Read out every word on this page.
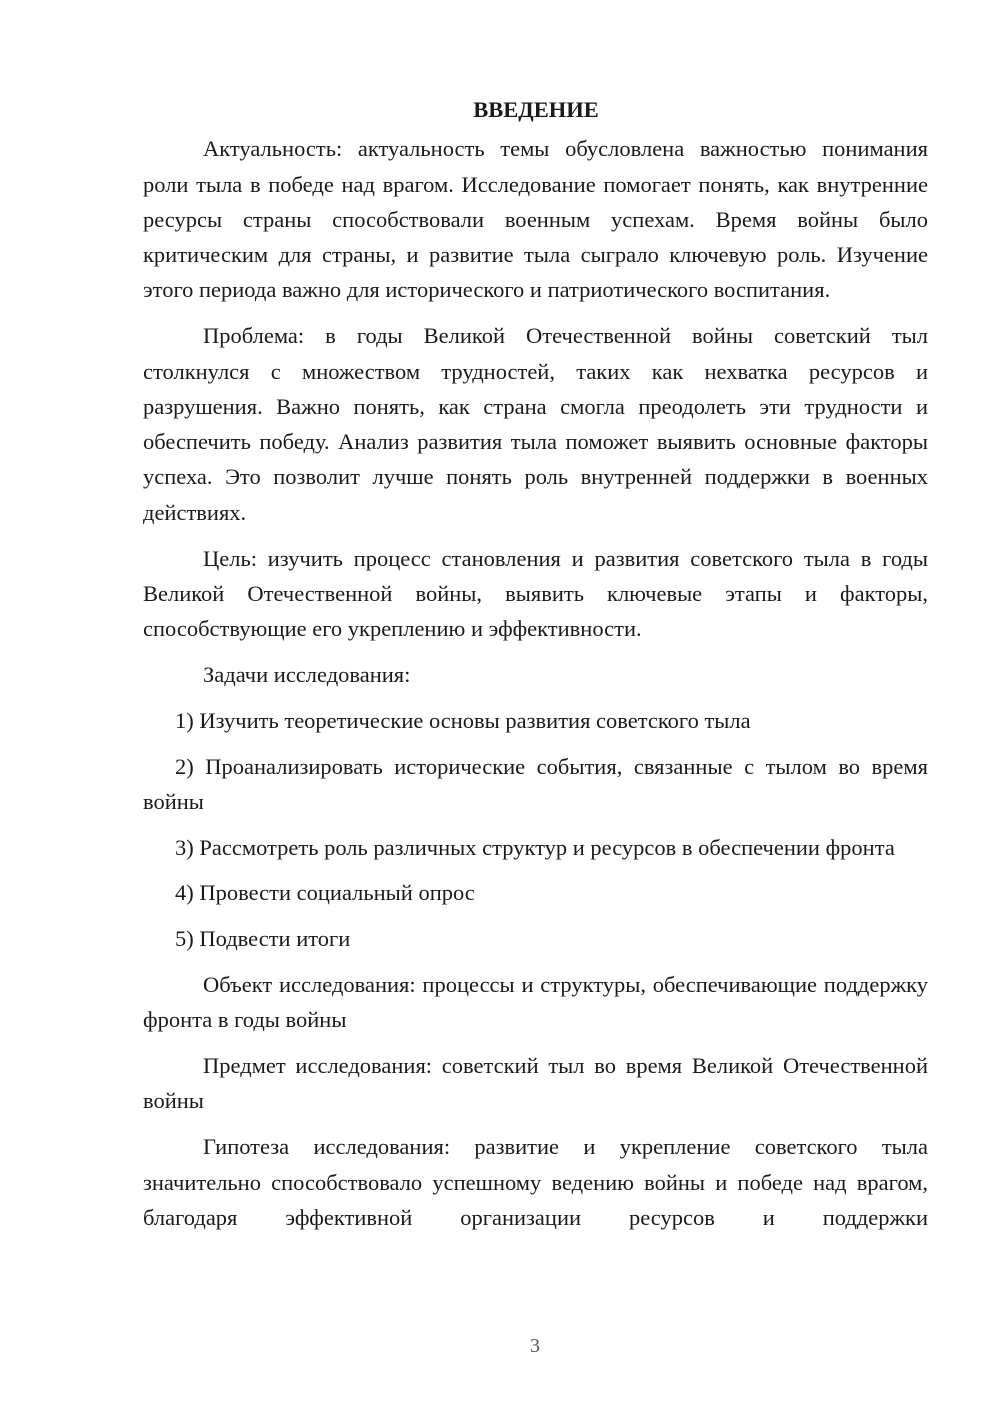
ВВЕДЕНИЕ

Актуальность: актуальность темы обусловлена важностью понимания роли тыла в победе над врагом. Исследование помогает понять, как внутренние ресурсы страны способствовали военным успехам. Время войны было критическим для страны, и развитие тыла сыграло ключевую роль. Изучение этого периода важно для исторического и патриотического воспитания.

Проблема: в годы Великой Отечественной войны советский тыл столкнулся с множеством трудностей, таких как нехватка ресурсов и разрушения. Важно понять, как страна смогла преодолеть эти трудности и обеспечить победу. Анализ развития тыла поможет выявить основные факторы успеха. Это позволит лучше понять роль внутренней поддержки в военных действиях.

Цель: изучить процесс становления и развития советского тыла в годы Великой Отечественной войны, выявить ключевые этапы и факторы, способствующие его укреплению и эффективности.

Задачи исследования:

1) Изучить теоретические основы развития советского тыла

2) Проанализировать исторические события, связанные с тылом во время войны

3) Рассмотреть роль различных структур и ресурсов в обеспечении фронта

4) Провести социальный опрос

5) Подвести итоги

Объект исследования: процессы и структуры, обеспечивающие поддержку фронта в годы войны

Предмет исследования: советский тыл во время Великой Отечественной войны

Гипотеза исследования: развитие и укрепление советского тыла значительно способствовало успешному ведению войны и победе над врагом, благодаря эффективной организации ресурсов и поддержки

3
